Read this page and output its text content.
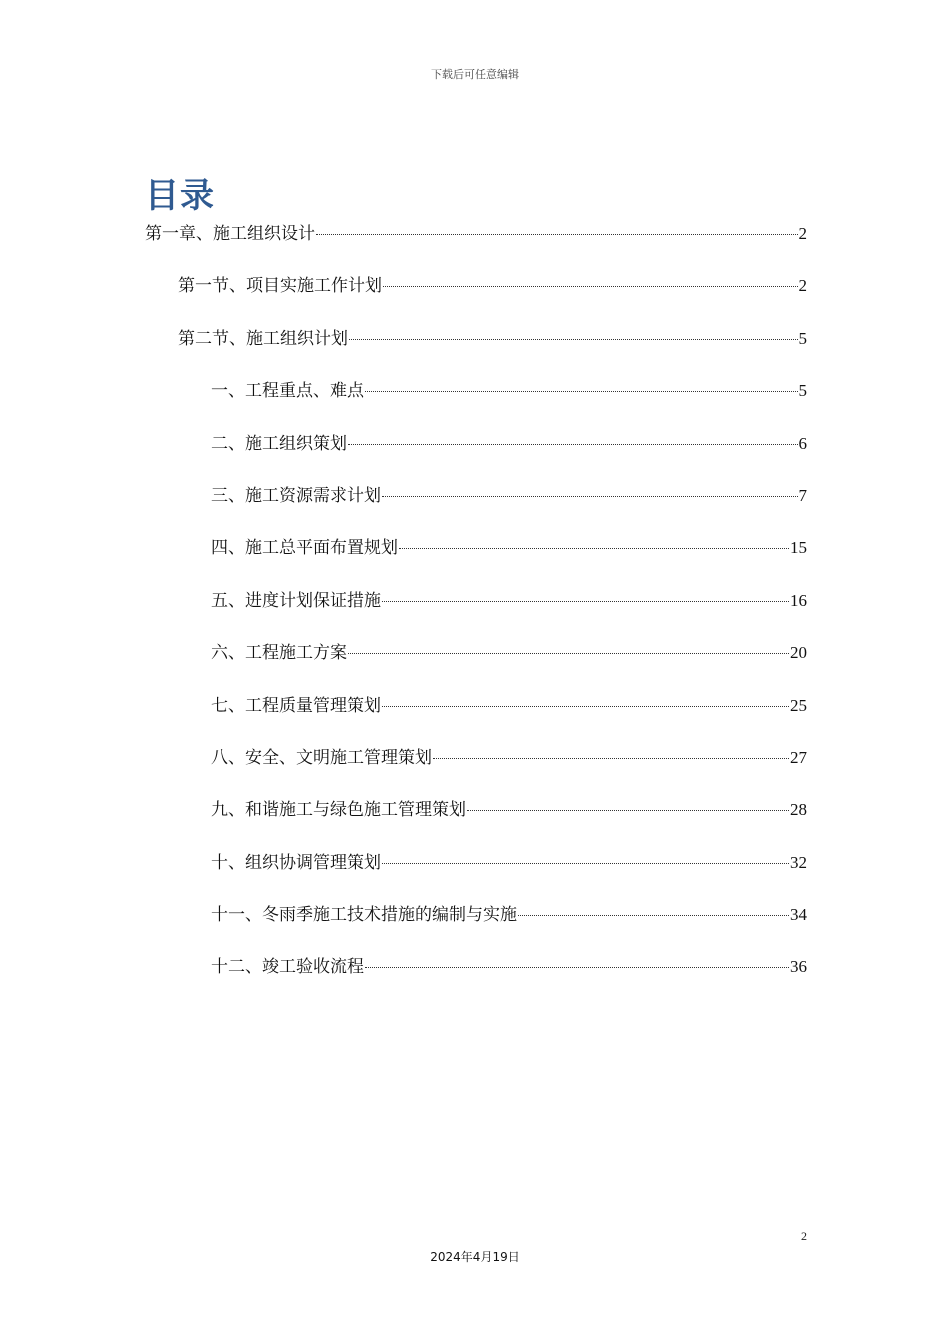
下载后可任意编辑
目录
第一章、施工组织设计	2
第一节、项目实施工作计划	2
第二节、施工组织计划	5
一、工程重点、难点	5
二、施工组织策划	6
三、施工资源需求计划	7
四、施工总平面布置规划	15
五、进度计划保证措施	16
六、工程施工方案	20
七、工程质量管理策划	25
八、安全、文明施工管理策划	27
九、和谐施工与绿色施工管理策划	28
十、组织协调管理策划	32
十一、冬雨季施工技术措施的编制与实施	34
十二、竣工验收流程	36
2
2024年4月19日
